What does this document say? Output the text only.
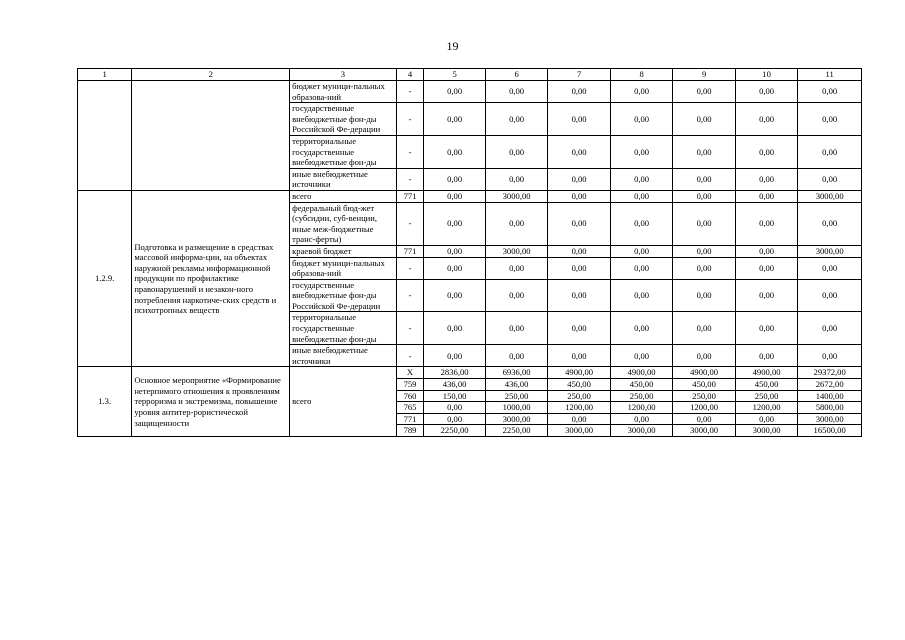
19
1	2	3	4	5	6	7	8	9	10	11
		бюджет муници-пальных образова-ний	-	0,00	0,00	0,00	0,00	0,00	0,00	0,00
		государственные внебюджетные фон-ды Российской Фе-дерации	-	0,00	0,00	0,00	0,00	0,00	0,00	0,00
		территориальные государственные внебюджетные фон-ды	-	0,00	0,00	0,00	0,00	0,00	0,00	0,00
		иные внебюджетные источники	-	0,00	0,00	0,00	0,00	0,00	0,00	0,00
1.2.9.	Подготовка и размещение в средствах массовой информа-ции, на объектах наружной рекламы информационной продукции по профилактике правонарушений и незакон-ного потребления наркотиче-ских средств и психотропных веществ	всего	771	0,00	3000,00	0,00	0,00	0,00	0,00	3000,00
		федеральный бюд-жет (субсидии, суб-венции, иные меж-бюджетные транс-ферты)	-	0,00	0,00	0,00	0,00	0,00	0,00	0,00
		краевой бюджет	771	0,00	3000,00	0,00	0,00	0,00	0,00	3000,00
		бюджет муници-пальных образова-ний	-	0,00	0,00	0,00	0,00	0,00	0,00	0,00
		государственные внебюджетные фон-ды Российской Фе-дерации	-	0,00	0,00	0,00	0,00	0,00	0,00	0,00
		территориальные государственные внебюджетные фон-ды	-	0,00	0,00	0,00	0,00	0,00	0,00	0,00
		иные внебюджетные источники	-	0,00	0,00	0,00	0,00	0,00	0,00	0,00
1.3.	Основное мероприятие «Формирование нетерпимого отношения к проявлениям терроризма и экстремизма, повышение уровня антитер-рористической защищенности	всего	Х	2836,00	6936,00	4900,00	4900,00	4900,00	4900,00	29372,00
			759	436,00	436,00	450,00	450,00	450,00	450,00	2672,00
			760	150,00	250,00	250,00	250,00	250,00	250,00	1400,00
			765	0,00	1000,00	1200,00	1200,00	1200,00	1200,00	5800,00
			771	0,00	3000,00	0,00	0,00	0,00	0,00	3000,00
			789	2250,00	2250,00	3000,00	3000,00	3000,00	3000,00	16500,00
